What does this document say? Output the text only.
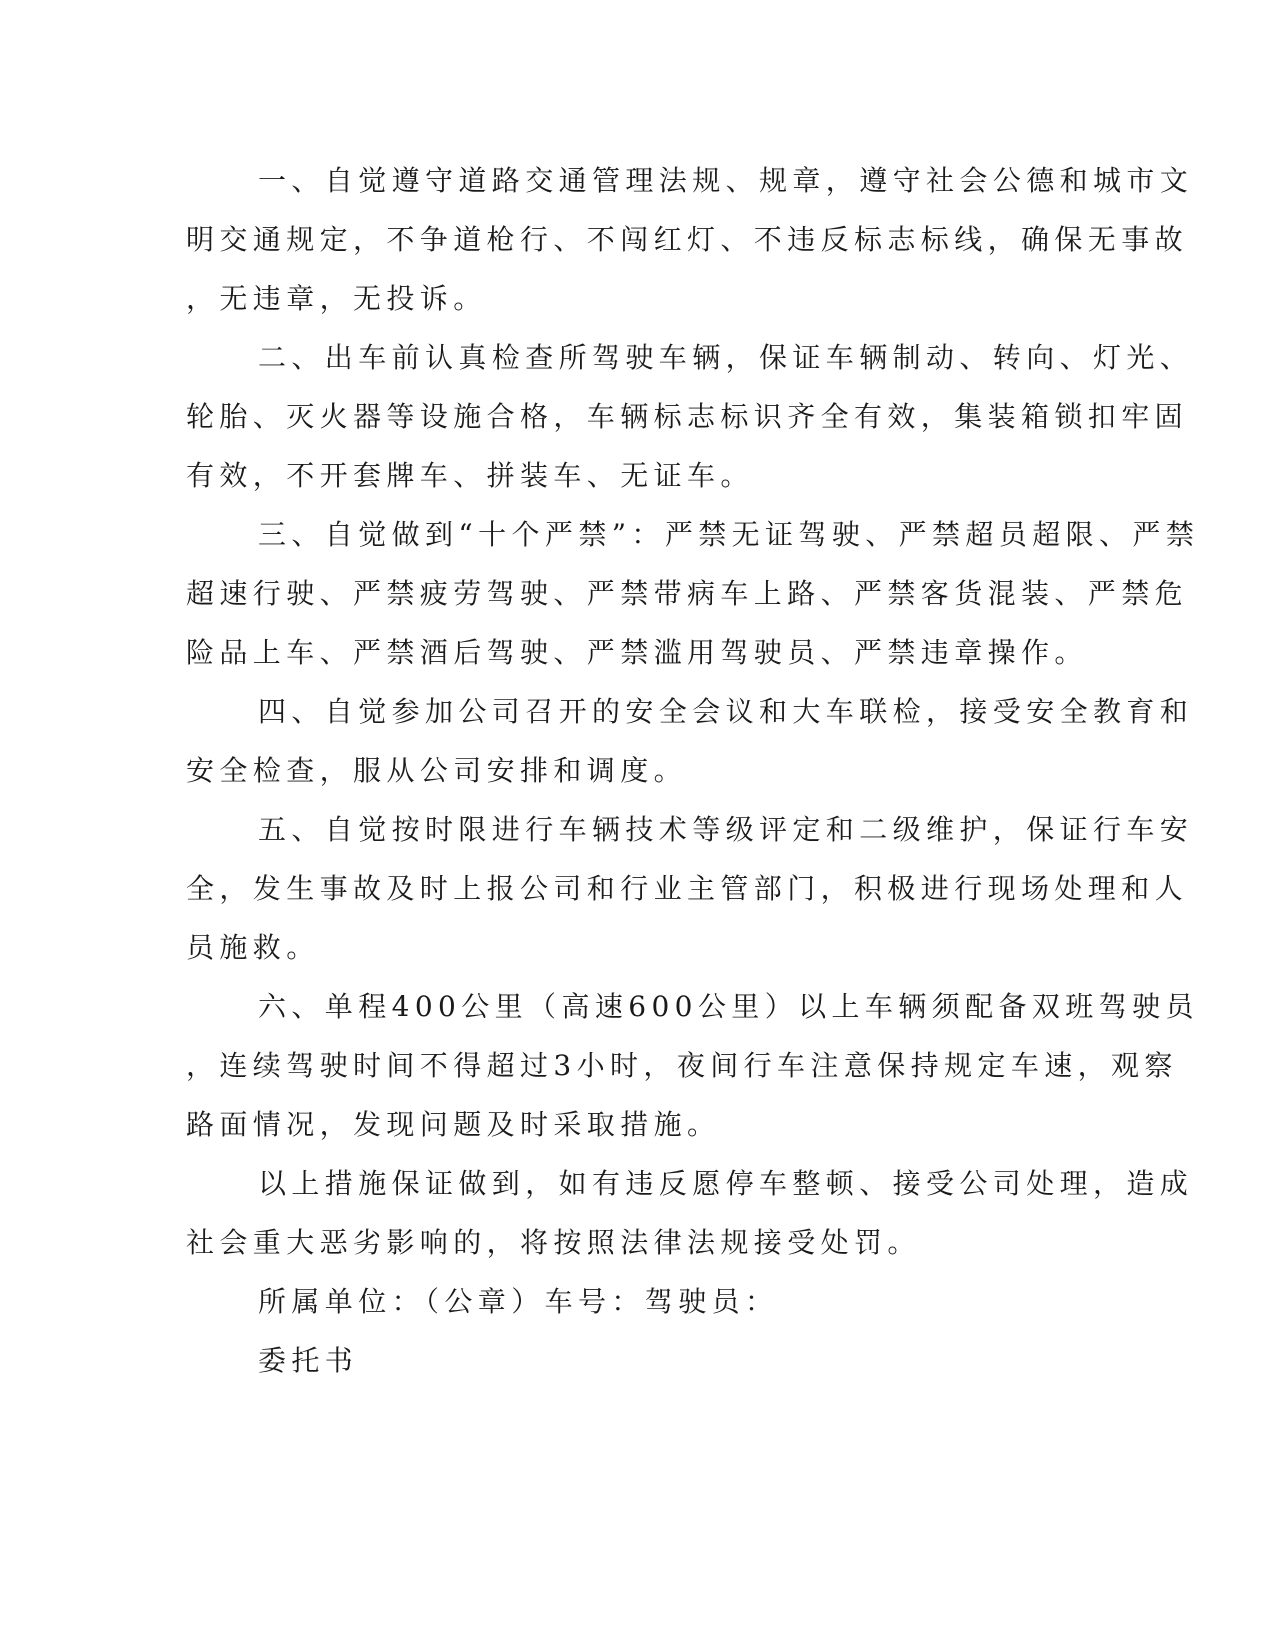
一、自觉遵守道路交通管理法规、规章，遵守社会公德和城市文
明交通规定，不争道枪行、不闯红灯、不违反标志标线，确保无事故
，无违章，无投诉。
二、出车前认真检查所驾驶车辆，保证车辆制动、转向、灯光、
轮胎、灭火器等设施合格，车辆标志标识齐全有效，集装箱锁扣牢固
有效，不开套牌车、拼装车、无证车。
三、自觉做到“十个严禁”：严禁无证驾驶、严禁超员超限、严禁
超速行驶、严禁疲劳驾驶、严禁带病车上路、严禁客货混装、严禁危
险品上车、严禁酒后驾驶、严禁滥用驾驶员、严禁违章操作。
四、自觉参加公司召开的安全会议和大车联检，接受安全教育和
安全检查，服从公司安排和调度。
五、自觉按时限进行车辆技术等级评定和二级维护，保证行车安
全，发生事故及时上报公司和行业主管部门，积极进行现场处理和人
员施救。
六、单程400公里（高速600公里）以上车辆须配备双班驾驶员
，连续驾驶时间不得超过3小时，夜间行车注意保持规定车速，观察
路面情况，发现问题及时采取措施。
以上措施保证做到，如有违反愿停车整顿、接受公司处理，造成
社会重大恶劣影响的，将按照法律法规接受处罚。
所属单位：（公章）车号：驾驶员：
委托书
